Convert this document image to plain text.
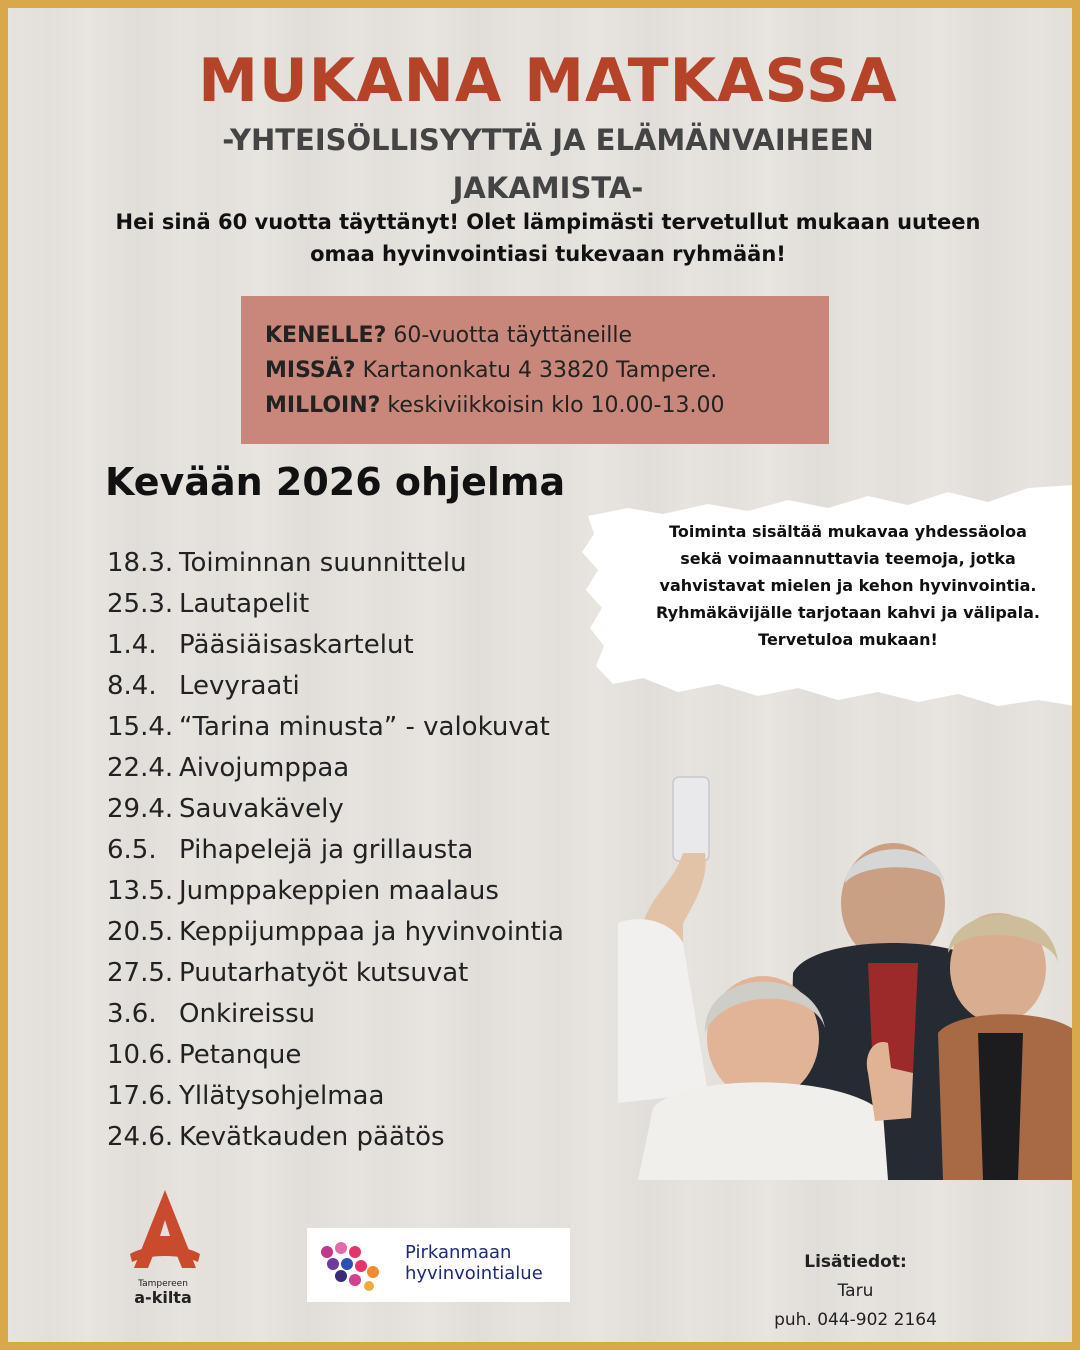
MUKANA MATKASSA
-YHTEISÖLLISYYTTÄ JA ELÄMÄNVAIHEEN
JAKAMISTA-
Hei sinä 60 vuotta täyttänyt! Olet lämpimästi tervetullut mukaan uuteen
omaa hyvinvointiasi tukevaan ryhmään!
KENELLE? 60-vuotta täyttäneille
MISSÄ? Kartanonkatu 4 33820 Tampere.
MILLOIN? keskiviikkoisin klo 10.00-13.00
Kevään 2026 ohjelma
18.3. Toiminnan suunnittelu
25.3. Lautapelit
1.4. Pääsiäisaskartelut
8.4. Levyraati
15.4. “Tarina minusta” - valokuvat
22.4. Aivojumppaa
29.4. Sauvakävely
6.5. Pihapelejä ja grillausta
13.5. Jumppakeppien maalaus
20.5. Keppijumppaa ja hyvinvointia
27.5. Puutarhatyöt kutsuvat
3.6. Onkireissu
10.6. Petanque
17.6. Yllätysohjelmaa
24.6. Kevätkauden päätös
Toiminta sisältää mukavaa yhdessäoloa
sekä voimaannuttavia teemoja, jotka
vahvistavat mielen ja kehon hyvinvointia.
Ryhmäkävijälle tarjotaan kahvi ja välipala.
Tervetuloa mukaan!
Tampereen
a-kilta
Pirkanmaan
hyvinvointialue
Lisätiedot:
Taru
puh. 044-902 2164
